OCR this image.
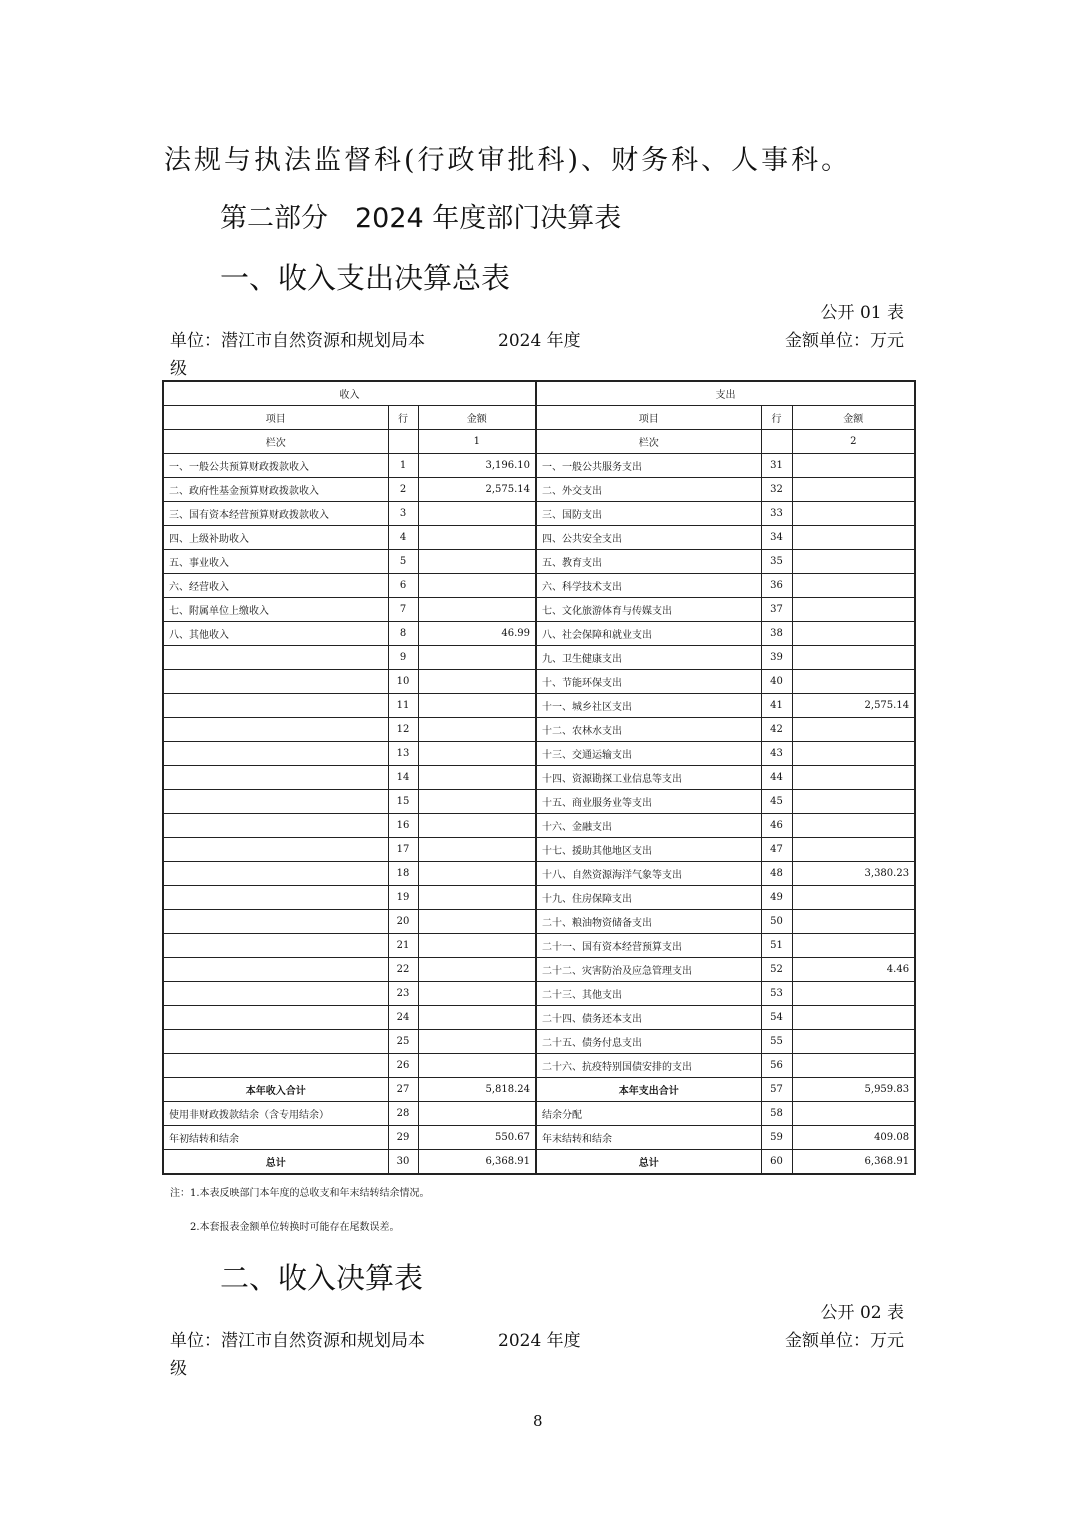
法规与执法监督科(行政审批科)、财务科、人事科。
第二部分　2024 年度部门决算表
一、收入支出决算总表
公开 01 表
单位：潜江市自然资源和规划局本
级
2024 年度	金额单位：万元
收入			支出		
项目	行	金额	项目	行	金额
栏次		1	栏次		2
一、一般公共预算财政拨款收入	1	3,196.10	一、一般公共服务支出	31	
二、政府性基金预算财政拨款收入	2	2,575.14	二、外交支出	32	
三、国有资本经营预算财政拨款收入	3		三、国防支出	33	
四、上级补助收入	4		四、公共安全支出	34	
五、事业收入	5		五、教育支出	35	
六、经营收入	6		六、科学技术支出	36	
七、附属单位上缴收入	7		七、文化旅游体育与传媒支出	37	
八、其他收入	8	46.99	八、社会保障和就业支出	38	
	9		九、卫生健康支出	39	
	10		十、节能环保支出	40	
	11		十一、城乡社区支出	41	2,575.14
	12		十二、农林水支出	42	
	13		十三、交通运输支出	43	
	14		十四、资源勘探工业信息等支出	44	
	15		十五、商业服务业等支出	45	
	16		十六、金融支出	46	
	17		十七、援助其他地区支出	47	
	18		十八、自然资源海洋气象等支出	48	3,380.23
	19		十九、住房保障支出	49	
	20		二十、粮油物资储备支出	50	
	21		二十一、国有资本经营预算支出	51	
	22		二十二、灾害防治及应急管理支出	52	4.46
	23		二十三、其他支出	53	
	24		二十四、债务还本支出	54	
	25		二十五、债务付息支出	55	
	26		二十六、抗疫特别国债安排的支出	56	
本年收入合计	27	5,818.24	本年支出合计	57	5,959.83
使用非财政拨款结余（含专用结余）	28		结余分配	58	
年初结转和结余	29	550.67	年末结转和结余	59	409.08
总计	30	6,368.91	总计	60	6,368.91
注：1.本表反映部门本年度的总收支和年末结转结余情况。
2.本套报表金额单位转换时可能存在尾数误差。
二、收入决算表
公开 02 表
单位：潜江市自然资源和规划局本
级
2024 年度	金额单位：万元
8
